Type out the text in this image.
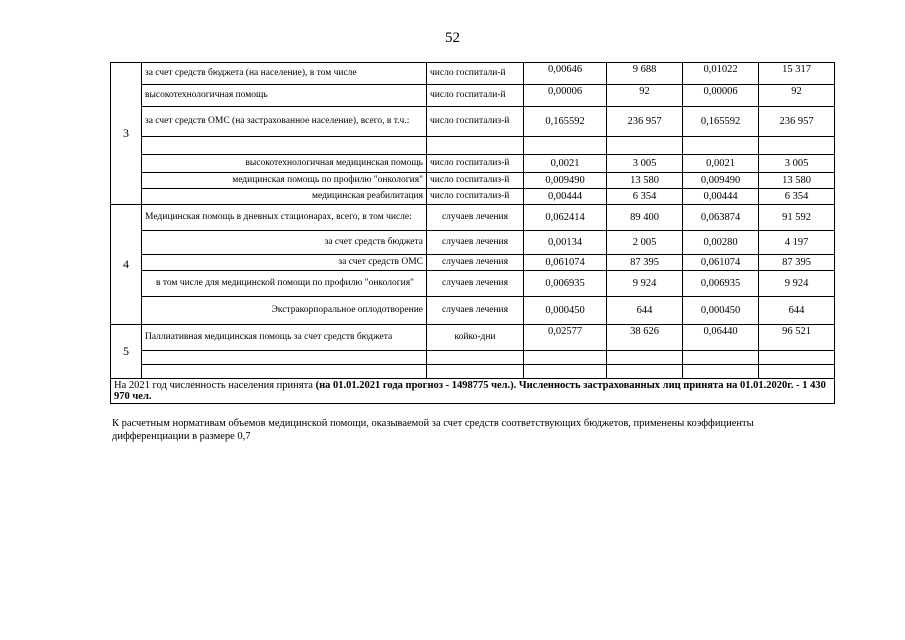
52
3	за счет средств бюджета (на население), в том числе	число госпитали-й	0,00646	9 688	0,01022	15 317
	высокотехнологичная помощь	число госпитали-й	0,00006	92	0,00006	92
	за счет средств ОМС (на застрахованное население), всего, в т.ч.:	число госпитализ-й	0,165592	236 957	0,165592	236 957

	высокотехнологичная медицинская помощь	число госпитализ-й	0,0021	3 005	0,0021	3 005
	медицинская помощь по профилю "онкология"	число госпитализ-й	0,009490	13 580	0,009490	13 580
	медицинская реабилитация	число госпитализ-й	0,00444	6 354	0,00444	6 354
4	Медицинская помощь в дневных стационарах, всего, в том числе:	случаев лечения	0,062414	89 400	0,063874	91 592
	за счет средств бюджета	случаев лечения	0,00134	2 005	0,00280	4 197
	за счет средств ОМС	случаев лечения	0,061074	87 395	0,061074	87 395
	в том числе для медицинской помощи по профилю "онкология"	случаев лечения	0,006935	9 924	0,006935	9 924
	Экстракорпоральное оплодотворение	случаев лечения	0,000450	644	0,000450	644
5	Паллиативная медицинская помощь за счет средств бюджета	койко-дни	0,02577	38 626	0,06440	96 521

На 2021 год численность населения принята (на 01.01.2021 года прогноз - 1498775 чел.). Численность застрахованных лиц принята на 01.01.2020г. - 1 430 970 чел.						
К расчетным нормативам объемов медицинской помощи, оказываемой за счет средств соответствующих бюджетов, применены коэффициенты дифференциации в размере 0,7
